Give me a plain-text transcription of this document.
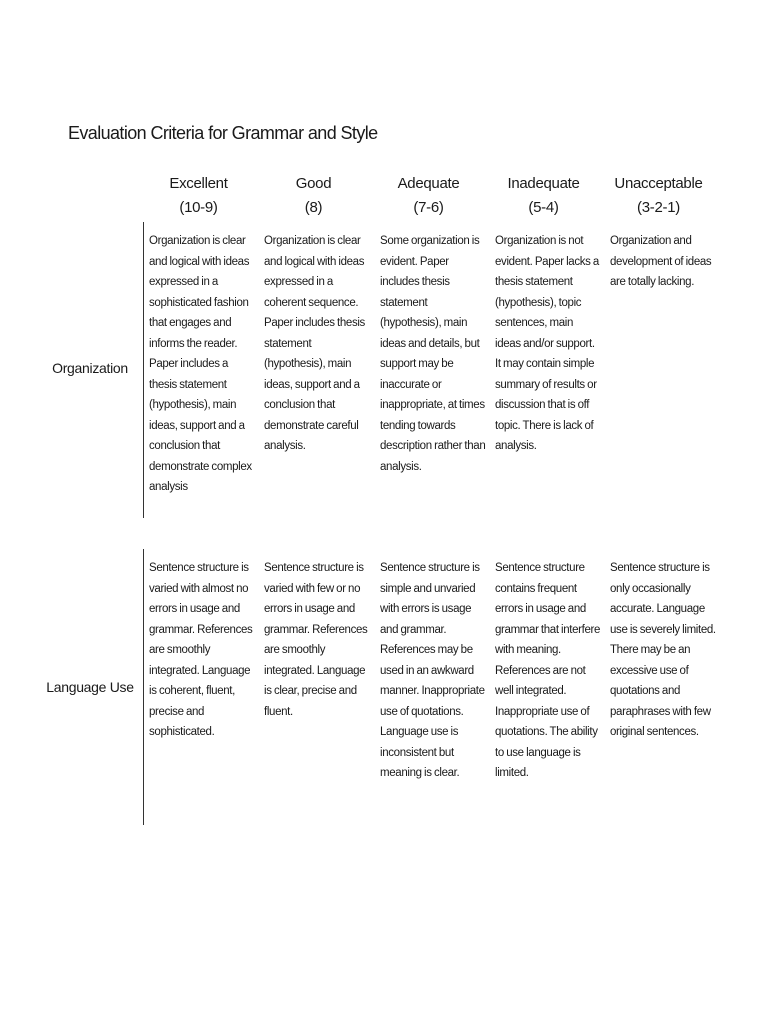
Evaluation Criteria for Grammar and Style
Excellent
(10-9)
Good
(8)
Adequate
(7-6)
Inadequate
(5-4)
Unacceptable
(3-2-1)
Organization
Organization is clear and logical with ideas expressed in a sophisticated fashion that engages and informs the reader. Paper includes a thesis statement (hypothesis), main ideas, support and a conclusion that demonstrate complex analysis
Organization is clear and logical with ideas expressed in a coherent sequence. Paper includes thesis statement (hypothesis), main ideas, support and a conclusion that demonstrate careful analysis.
Some organization is evident. Paper includes thesis statement (hypothesis), main ideas and details, but support may be inaccurate or inappropriate, at times tending towards description rather than analysis.
Organization is not evident. Paper lacks a thesis statement (hypothesis), topic sentences, main ideas and/or support. It may contain simple summary of results or discussion that is off topic. There is lack of analysis.
Organization and development of ideas are totally lacking.
Language Use
Sentence structure is varied with almost no errors in usage and grammar. References are smoothly integrated. Language is coherent, fluent, precise and sophisticated.
Sentence structure is varied with few or no errors in usage and grammar. References are smoothly integrated. Language is clear, precise and fluent.
Sentence structure is simple and unvaried with errors is usage and grammar. References may be used in an awkward manner. Inappropriate use of quotations. Language use is inconsistent but meaning is clear.
Sentence structure contains frequent errors in usage and grammar that interfere with meaning. References are not well integrated. Inappropriate use of quotations. The ability to use language is limited.
Sentence structure is only occasionally accurate. Language use is severely limited. There may be an excessive use of quotations and paraphrases with few original sentences.
